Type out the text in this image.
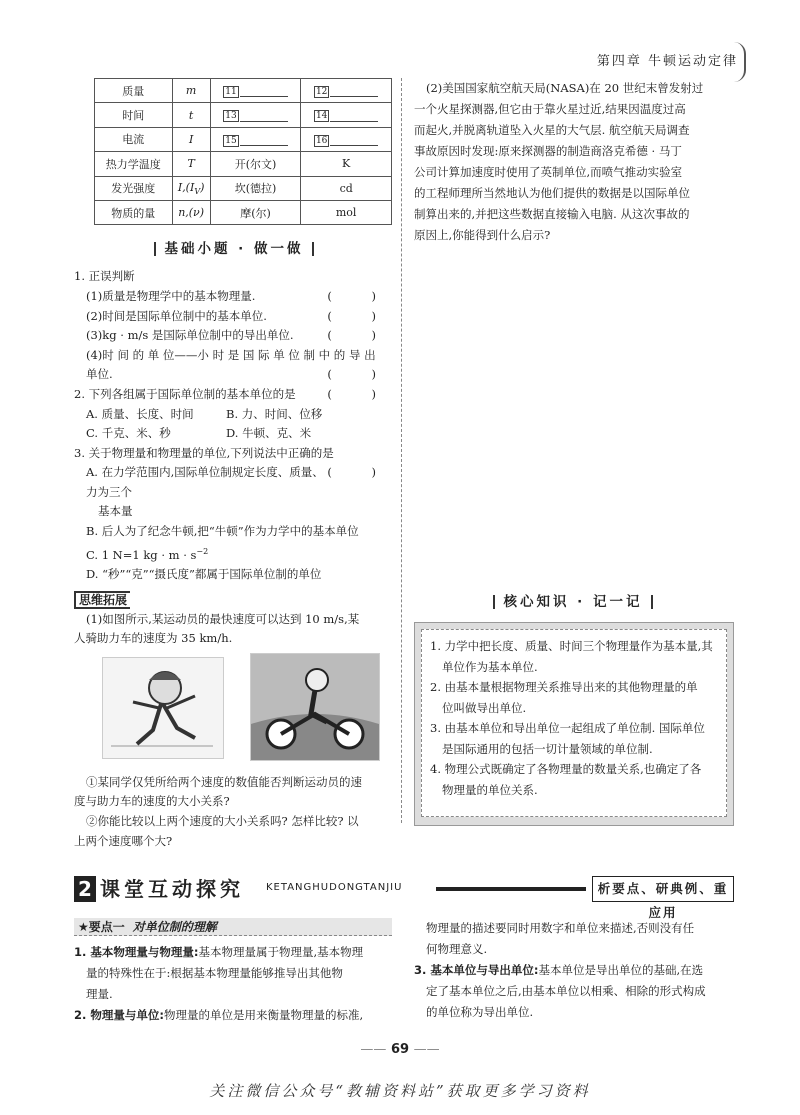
第四章 牛顿运动定律
质量	m	11	12
时间	t	13	14
电流	I	15	16
热力学温度	T	开(尔文)	K
发光强度	$I,(I_V)$	坎(德拉)	cd
物质的量	n,(ν)	摩(尔)	mol
基础小题 · 做一做

1. 正误判断

(1)质量是物理学中的基本物理量.	( )

(2)时间是国际单位制中的基本单位.	( )

(3)kg · m/s 是国际单位制中的导出单位.	( )

(4)时 间 的 单 位——小 时 是 国 际 单 位 制 中 的 导 出

单位.	( )

2. 下列各组属于国际单位制的基本单位的是	( )

A. 质量、长度、时间	B. 力、时间、位移
C. 千克、米、秒	D. 牛顿、克、米

3. 关于物理量和物理量的单位,下列说法中正确的是
( )

A. 在力学范围内,国际单位制规定长度、质量、力为三个

基本量

B. 后人为了纪念牛顿,把“牛顿”作为力学中的基本单位

C. 1 N=1 kg · $m \cdot s^{-2}$

D. “秒”“克”“摄氏度”都属于国际单位制的单位

思维拓展

(1)如图所示,某运动员的最快速度可以达到 10 m/s,某

人骑助力车的速度为 35 km/h.

①某同学仅凭所给两个速度的数值能否判断运动员的速

度与助力车的速度的大小关系?

②你能比较以上两个速度的大小关系吗? 怎样比较? 以

上两个速度哪个大?

(2)美国国家航空航天局(NASA)在 20 世纪末曾发射过

一个火星探测器,但它由于靠火星过近,结果因温度过高

而起火,并脱离轨道坠入火星的大气层. 航空航天局调查

事故原因时发现:原来探测器的制造商洛克希德 · 马丁

公司计算加速度时使用了英制单位,而喷气推动实验室

的工程师理所当然地认为他们提供的数据是以国际单位

制算出来的,并把这些数据直接输入电脑. 从这次事故的

原因上,你能得到什么启示?

核心知识 · 记一记

1. 力学中把长度、质量、时间三个物理量作为基本量,其

单位作为基本单位.

2. 由基本量根据物理关系推导出来的其他物理量的单

位叫做导出单位.

3. 由基本单位和导出单位一起组成了单位制. 国际单位

是国际通用的包括一切计量领域的单位制.

4. 物理公式既确定了各物理量的数量关系,也确定了各

物理量的单位关系.

2 课堂互动探究 KETANGHUDONGTANJIU	析要点、研典例、重应用
★要点一 对单位制的理解

1. 基本物理量与物理量:基本物理量属于物理量,基本物理

量的特殊性在于:根据基本物理量能够推导出其他物

理量.

2. 物理量与单位:物理量的单位是用来衡量物理量的标准,

物理量的描述要同时用数字和单位来描述,否则没有任

何物理意义.

3. 基本单位与导出单位:基本单位是导出单位的基础,在选

定了基本单位之后,由基本单位以相乘、相除的形式构成

的单位称为导出单位.

—— 69 ——
关注微信公众号“教辅资料站”获取更多学习资料
